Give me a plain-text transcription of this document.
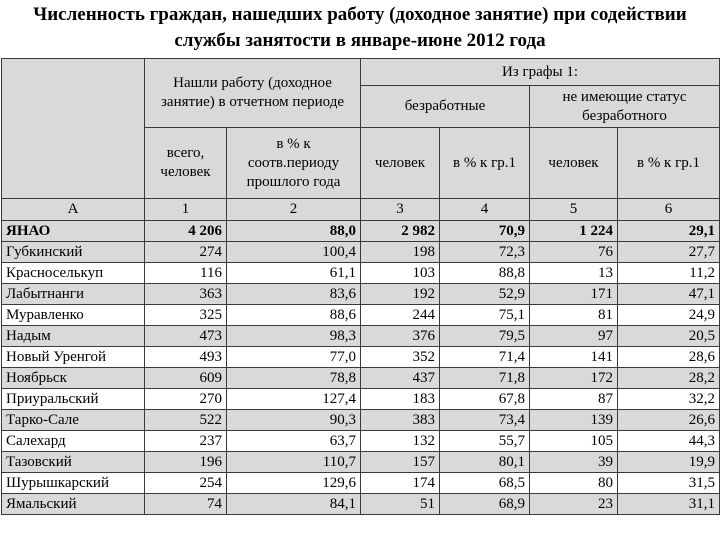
Численность граждан, нашедших работу (доходное занятие) при содействии
службы занятости в январе-июне 2012 года
	Нашли работу (доходное занятие) в отчетном периоде		Из графы 1:			
			безработные		не имеющие статус безработного	
	всего, человек	в % к соотв.периоду прошлого года	человек	в % к гр.1	человек	в % к гр.1
А	1	2	3	4	5	6
ЯНАО	4 206	88,0	2 982	70,9	1 224	29,1
Губкинский	274	100,4	198	72,3	76	27,7
Красноселькуп	116	61,1	103	88,8	13	11,2
Лабытнанги	363	83,6	192	52,9	171	47,1
Муравленко	325	88,6	244	75,1	81	24,9
Надым	473	98,3	376	79,5	97	20,5
Новый Уренгой	493	77,0	352	71,4	141	28,6
Ноябрьск	609	78,8	437	71,8	172	28,2
Приуральский	270	127,4	183	67,8	87	32,2
Тарко-Сале	522	90,3	383	73,4	139	26,6
Салехард	237	63,7	132	55,7	105	44,3
Тазовский	196	110,7	157	80,1	39	19,9
Шурышкарский	254	129,6	174	68,5	80	31,5
Ямальский	74	84,1	51	68,9	23	31,1
